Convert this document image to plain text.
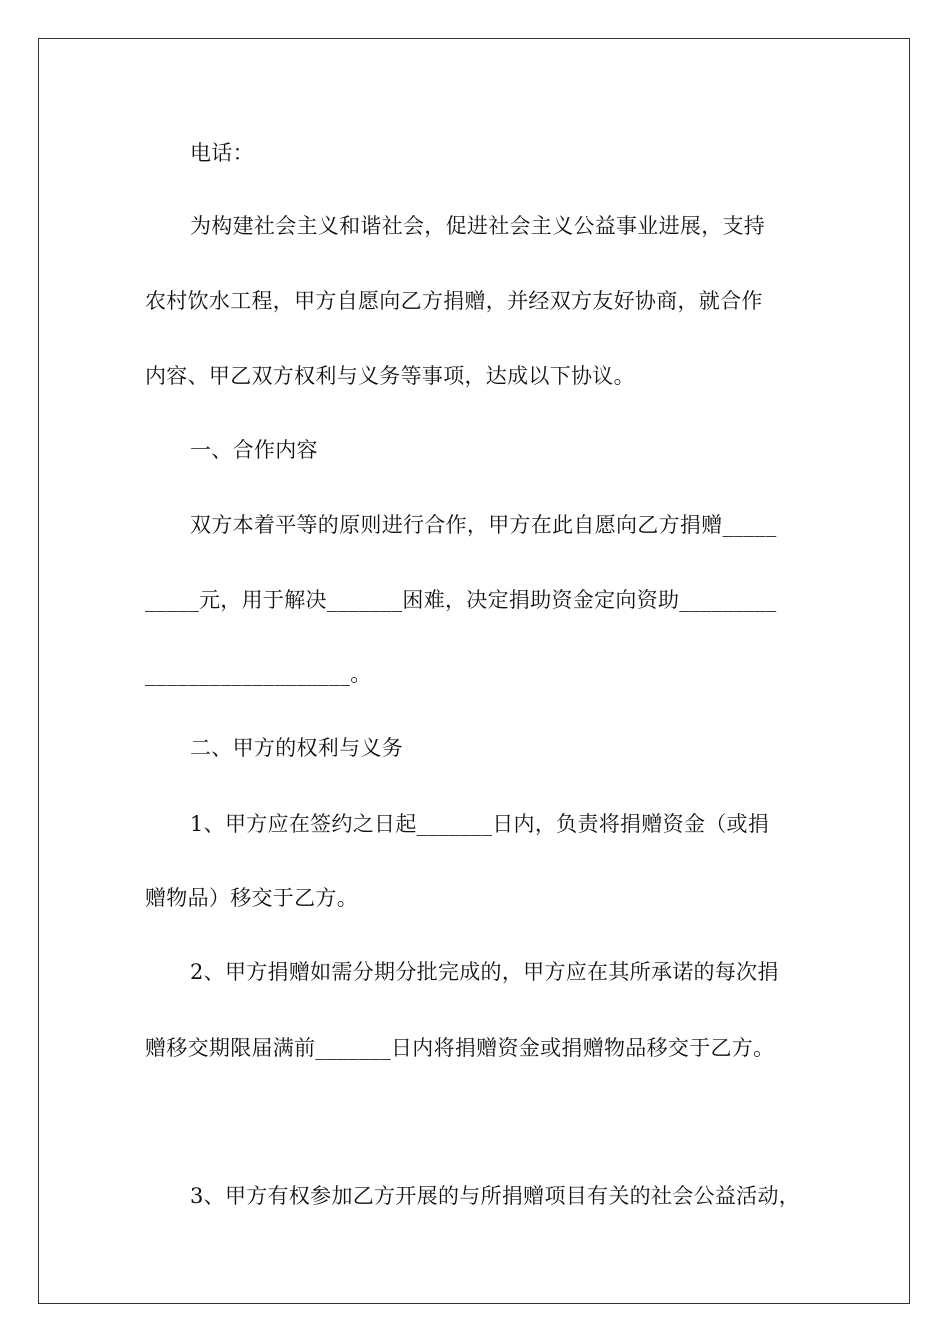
电话：
为构建社会主义和谐社会，促进社会主义公益事业进展，支持
农村饮水工程，甲方自愿向乙方捐赠，并经双方友好协商，就合作
内容、甲乙双方权利与义务等事项，达成以下协议。
一、合作内容
双方本着平等的原则进行合作，甲方在此自愿向乙方捐赠_____
_____元，用于解决_______困难，决定捐助资金定向资助_________
___________________。
二、甲方的权利与义务
1、甲方应在签约之日起_______日内，负责将捐赠资金（或捐
赠物品）移交于乙方。
2、甲方捐赠如需分期分批完成的，甲方应在其所承诺的每次捐
赠移交期限届满前_______日内将捐赠资金或捐赠物品移交于乙方。
3、甲方有权参加乙方开展的与所捐赠项目有关的社会公益活动，
